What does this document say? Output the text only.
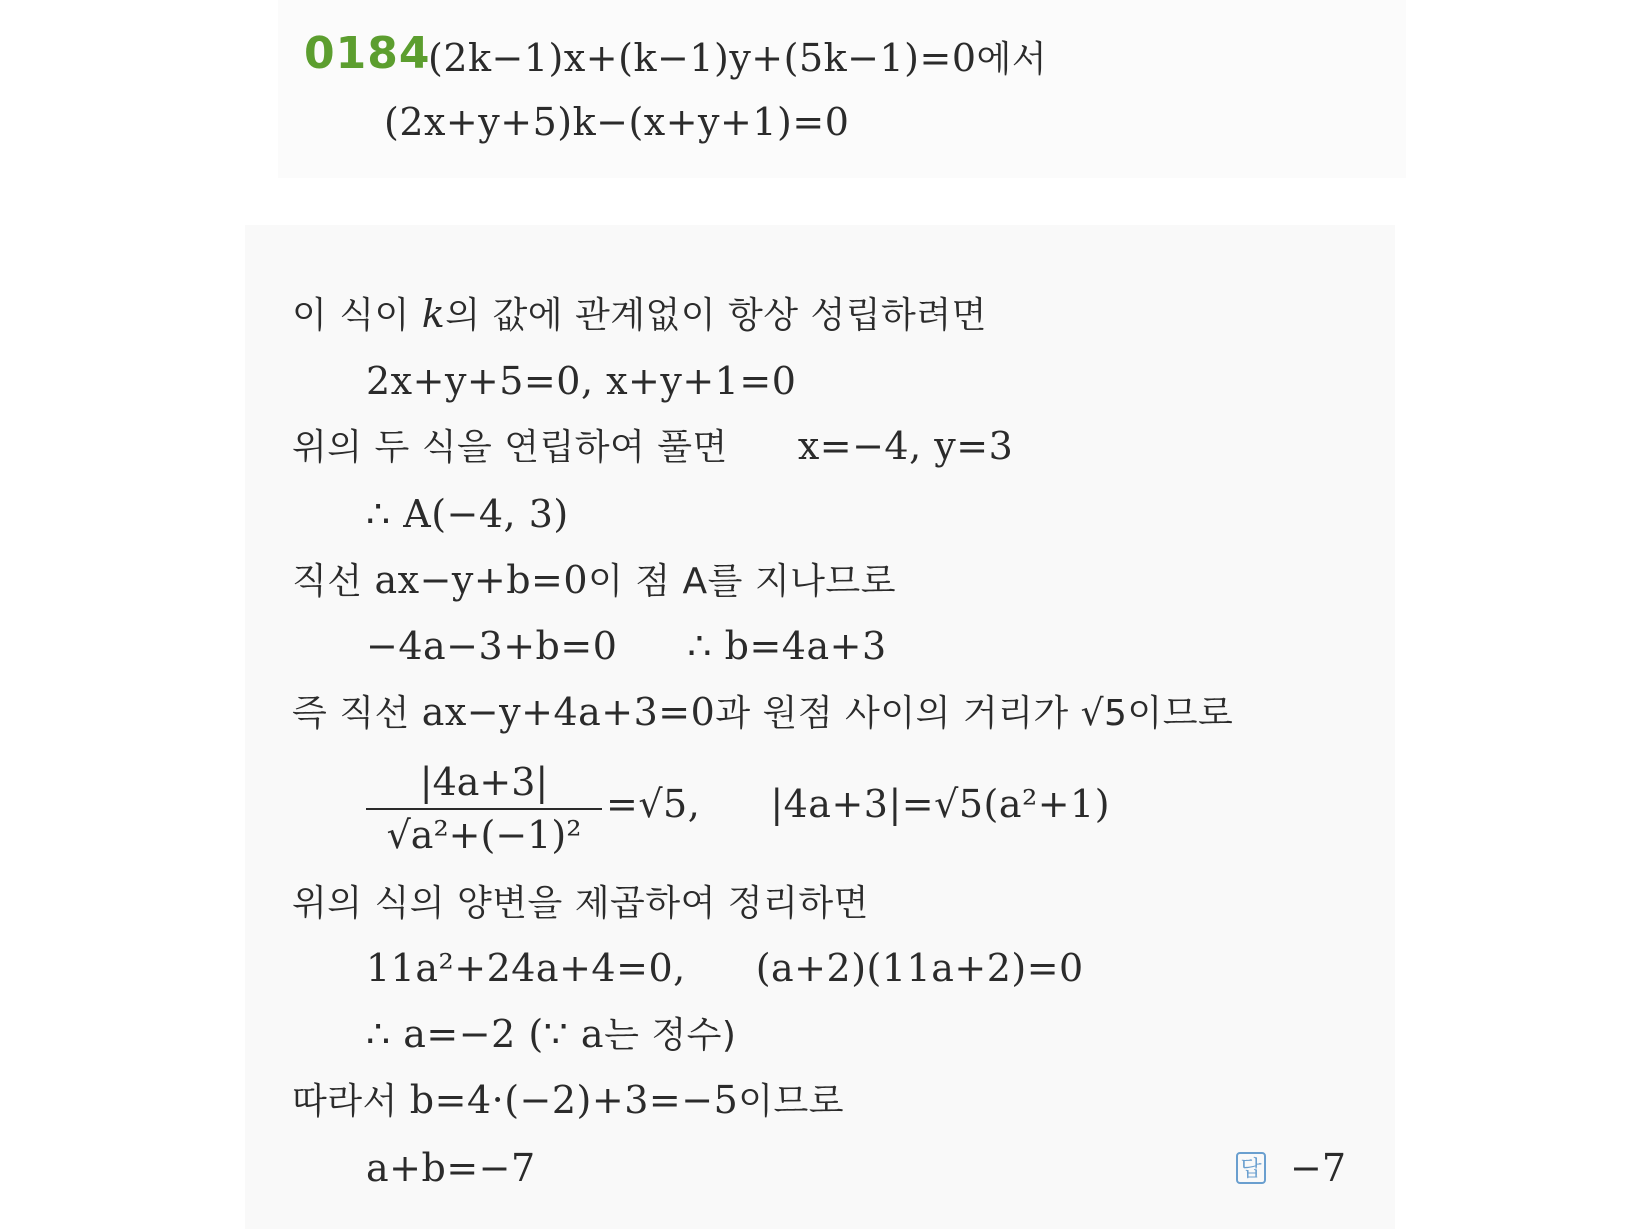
0184
(2k−1)x+(k−1)y+(5k−1)=0에서
(2x+y+5)k−(x+y+1)=0
이 식이 k의 값에 관계없이 항상 성립하려면
2x+y+5=0, x+y+1=0
위의 두 식을 연립하여 풀면 x=−4, y=3
∴ A(−4, 3)
직선 ax−y+b=0이 점 A를 지나므로
−4a−3+b=0 ∴ b=4a+3
즉 직선 ax−y+4a+3=0과 원점 사이의 거리가 √5이므로
|4a+3|
√a²+(−1)²
=√5, |4a+3|=√5(a²+1)
위의 식의 양변을 제곱하여 정리하면
11a²+24a+4=0, (a+2)(11a+2)=0
∴ a=−2 (∵ a는 정수)
따라서 b=4·(−2)+3=−5이므로
a+b=−7	답 −7
